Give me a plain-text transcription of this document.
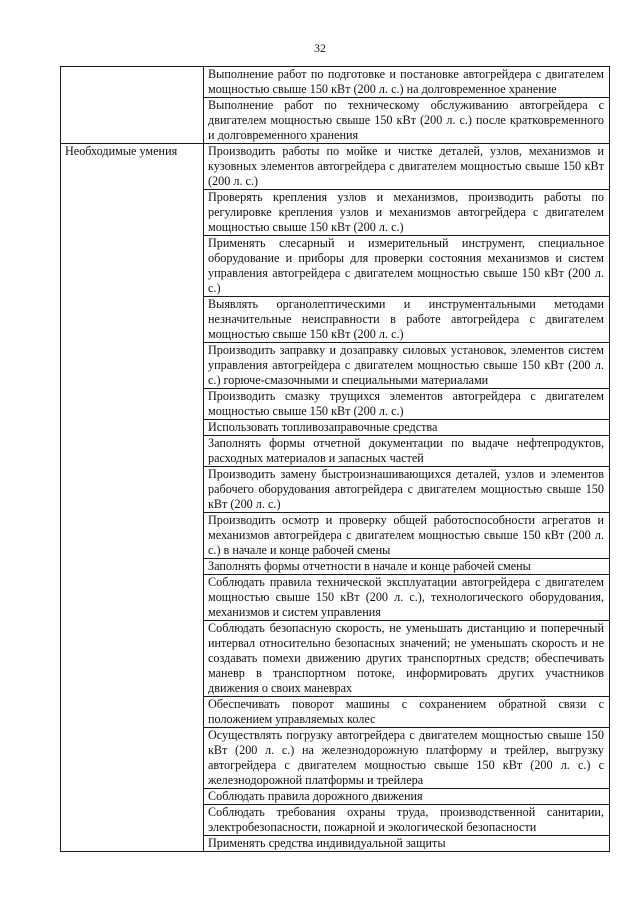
32
	Выполнение работ по подготовке и постановке автогрейдера с двигателем мощностью свыше 150 кВт (200 л. с.) на долговременное хранение
	Выполнение работ по техническому обслуживанию автогрейдера с двигателем мощностью свыше 150 кВт (200 л. с.) после кратковременного и долговременного хранения
Необходимые умения	Производить работы по мойке и чистке деталей, узлов, механизмов и кузовных элементов автогрейдера с двигателем мощностью свыше 150 кВт (200 л. с.)
	Проверять крепления узлов и механизмов, производить работы по регулировке крепления узлов и механизмов автогрейдера с двигателем мощностью свыше 150 кВт (200 л. с.)
	Применять слесарный и измерительный инструмент, специальное оборудование и приборы для проверки состояния механизмов и систем управления автогрейдера с двигателем мощностью свыше 150 кВт (200 л. с.)
	Выявлять органолептическими и инструментальными методами незначительные неисправности в работе автогрейдера с двигателем мощностью свыше 150 кВт (200 л. с.)
	Производить заправку и дозаправку силовых установок, элементов систем управления автогрейдера с двигателем мощностью свыше 150 кВт (200 л. с.) горюче-смазочными и специальными материалами
	Производить смазку трущихся элементов автогрейдера с двигателем мощностью свыше 150 кВт (200 л. с.)
	Использовать топливозаправочные средства
	Заполнять формы отчетной документации по выдаче нефтепродуктов, расходных материалов и запасных частей
	Производить замену быстроизнашивающихся деталей, узлов и элементов рабочего оборудования автогрейдера с двигателем мощностью свыше 150 кВт (200 л. с.)
	Производить осмотр и проверку общей работоспособности агрегатов и механизмов автогрейдера с двигателем мощностью свыше 150 кВт (200 л. с.) в начале и конце рабочей смены
	Заполнять формы отчетности в начале и конце рабочей смены
	Соблюдать правила технической эксплуатации автогрейдера с двигателем мощностью свыше 150 кВт (200 л. с.), технологического оборудования, механизмов и систем управления
	Соблюдать безопасную скорость, не уменьшать дистанцию и поперечный интервал относительно безопасных значений; не уменьшать скорость и не создавать помехи движению других транспортных средств; обеспечивать маневр в транспортном потоке, информировать других участников движения о своих маневрах
	Обеспечивать поворот машины с сохранением обратной связи с положением управляемых колес
	Осуществлять погрузку автогрейдера с двигателем мощностью свыше 150 кВт (200 л. с.) на железнодорожную платформу и трейлер, выгрузку автогрейдера с двигателем мощностью свыше 150 кВт (200 л. с.) с железнодорожной платформы и трейлера
	Соблюдать правила дорожного движения
	Соблюдать требования охраны труда, производственной санитарии, электробезопасности, пожарной и экологической безопасности
	Применять средства индивидуальной защиты
